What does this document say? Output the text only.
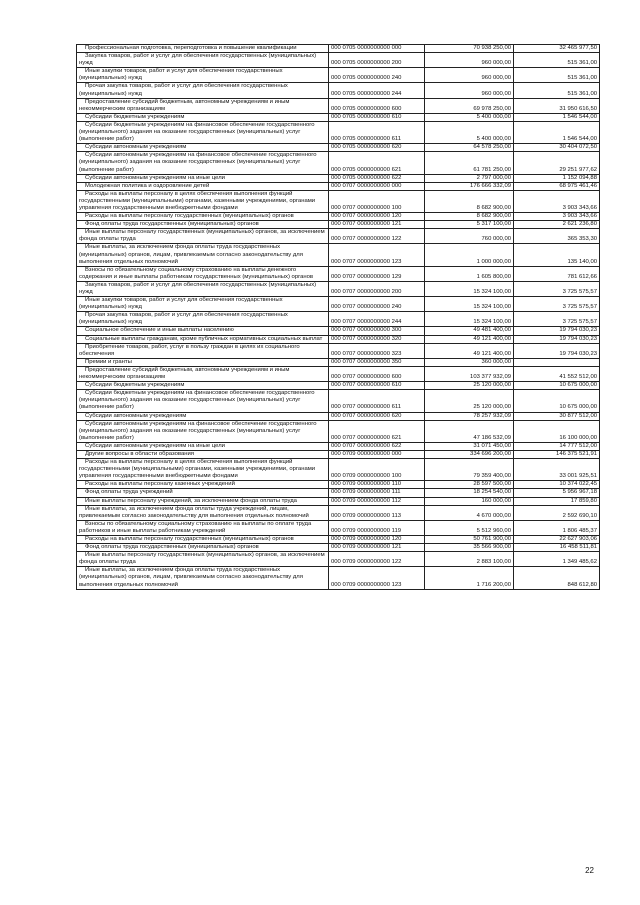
Профессиональная подготовка, переподготовка и повышение квалификации	000 0705 0000000000 000	70 938 250,00	32 465 977,50

Закупка товаров, работ и услуг для обеспечения государственных (муниципальных) нужд	000 0705 0000000000 200	960 000,00	515 361,00

Иные закупки товаров, работ и услуг для обеспечения государственных (муниципальных) нужд	000 0705 0000000000 240	960 000,00	515 361,00

Прочая закупка товаров, работ и услуг для обеспечения государственных (муниципальных) нужд	000 0705 0000000000 244	960 000,00	515 361,00

Предоставление субсидий бюджетным, автономным учреждениям и иным некоммерческим организациям	000 0705 0000000000 600	69 978 250,00	31 950 616,50

Субсидии бюджетным учреждениям	000 0705 0000000000 610	5 400 000,00	1 546 544,00

Субсидии бюджетным учреждениям на финансовое обеспечение государственного (муниципального) задания на оказание государственных (муниципальных) услуг (выполнение работ)	000 0705 0000000000 611	5 400 000,00	1 546 544,00

Субсидии автономным учреждениям	000 0705 0000000000 620	64 578 250,00	30 404 072,50

Субсидии автономным учреждениям на финансовое обеспечение государственного (муниципального) задания на оказание государственных (муниципальных) услуг (выполнение работ)	000 0705 0000000000 621	61 781 250,00	29 251 977,62

Субсидии автономным учреждениям на иные цели	000 0705 0000000000 622	2 797 000,00	1 152 094,88

Молодежная политика и оздоровление детей	000 0707 0000000000 000	176 666 332,09	68 975 461,46

Расходы на выплаты персоналу в целях обеспечения выполнения функций государственными (муниципальными) органами, казенными учреждениями, органами управления государственными внебюджетными фондами	000 0707 0000000000 100	8 682 900,00	3 903 343,66

Расходы на выплаты персоналу государственных (муниципальных) органов	000 0707 0000000000 120	8 682 900,00	3 903 343,66

Фонд оплаты труда государственных (муниципальных) органов	000 0707 0000000000 121	5 317 100,00	2 621 236,80

Иные выплаты персоналу государственных (муниципальных) органов, за исключением фонда оплаты труда	000 0707 0000000000 122	760 000,00	365 353,30

Иные выплаты, за исключением фонда оплаты труда государственных (муниципальных) органов, лицам, привлекаемым согласно законодательству для выполнения отдельных полномочий	000 0707 0000000000 123	1 000 000,00	135 140,00

Взносы по обязательному социальному страхованию на выплаты денежного содержания и иные выплаты работникам государственных (муниципальных) органов	000 0707 0000000000 129	1 605 800,00	781 612,66

Закупка товаров, работ и услуг для обеспечения государственных (муниципальных) нужд	000 0707 0000000000 200	15 324 100,00	3 725 575,57

Иные закупки товаров, работ и услуг для обеспечения государственных (муниципальных) нужд	000 0707 0000000000 240	15 324 100,00	3 725 575,57

Прочая закупка товаров, работ и услуг для обеспечения государственных (муниципальных) нужд	000 0707 0000000000 244	15 324 100,00	3 725 575,57

Социальное обеспечение и иные выплаты населению	000 0707 0000000000 300	49 481 400,00	19 794 030,23

Социальные выплаты гражданам, кроме публичных нормативных социальных выплат	000 0707 0000000000 320	49 121 400,00	19 794 030,23

Приобретение товаров, работ, услуг в пользу граждан в целях их социального обеспечения	000 0707 0000000000 323	49 121 400,00	19 794 030,23

Премии и гранты	000 0707 0000000000 350	360 000,00	

Предоставление субсидий бюджетным, автономным учреждениям и иным некоммерческим организациям	000 0707 0000000000 600	103 377 932,09	41 552 512,00

Субсидии бюджетным учреждениям	000 0707 0000000000 610	25 120 000,00	10 675 000,00

Субсидии бюджетным учреждениям на финансовое обеспечение государственного (муниципального) задания на оказание государственных (муниципальных) услуг (выполнение работ)	000 0707 0000000000 611	25 120 000,00	10 675 000,00

Субсидии автономным учреждениям	000 0707 0000000000 620	78 257 932,09	30 877 512,00

Субсидии автономным учреждениям на финансовое обеспечение государственного (муниципального) задания на оказание государственных (муниципальных) услуг (выполнение работ)	000 0707 0000000000 621	47 186 532,09	16 100 000,00

Субсидии автономным учреждениям на иные цели	000 0707 0000000000 622	31 071 450,00	14 777 512,00

Другие вопросы в области образования	000 0709 0000000000 000	334 696 200,00	146 375 521,91

Расходы на выплаты персоналу в целях обеспечения выполнения функций государственными (муниципальными) органами, казенными учреждениями, органами управления государственными внебюджетными фондами	000 0709 0000000000 100	79 359 400,00	33 001 925,51

Расходы на выплаты персоналу казенных учреждений	000 0709 0000000000 110	28 597 500,00	10 374 022,45

Фонд оплаты труда учреждений	000 0709 0000000000 111	18 254 540,00	5 956 967,18

Иные выплаты персоналу учреждений, за исключением фонда оплаты труда	000 0709 0000000000 112	160 000,00	17 859,80

Иные выплаты, за исключением фонда оплаты труда учреждений, лицам, привлекаемым согласно законодательству для выполнения отдельных полномочий	000 0709 0000000000 113	4 670 000,00	2 592 690,10

Взносы по обязательному социальному страхованию на выплаты по оплате труда работников и иные выплаты работникам учреждений	000 0709 0000000000 119	5 512 960,00	1 806 485,37

Расходы на выплаты персоналу государственных (муниципальных) органов	000 0709 0000000000 120	50 761 900,00	22 627 903,06

Фонд оплаты труда государственных (муниципальных) органов	000 0709 0000000000 121	35 566 900,00	16 458 511,81

Иные выплаты персоналу государственных (муниципальных) органов, за исключением фонда оплаты труда	000 0709 0000000000 122	2 883 100,00	1 349 485,62

Иные выплаты, за исключением фонда оплаты труда государственных (муниципальных) органов, лицам, привлекаемым согласно законодательству для выполнения отдельных полномочий	000 0709 0000000000 123	1 716 200,00	848 612,80
22
